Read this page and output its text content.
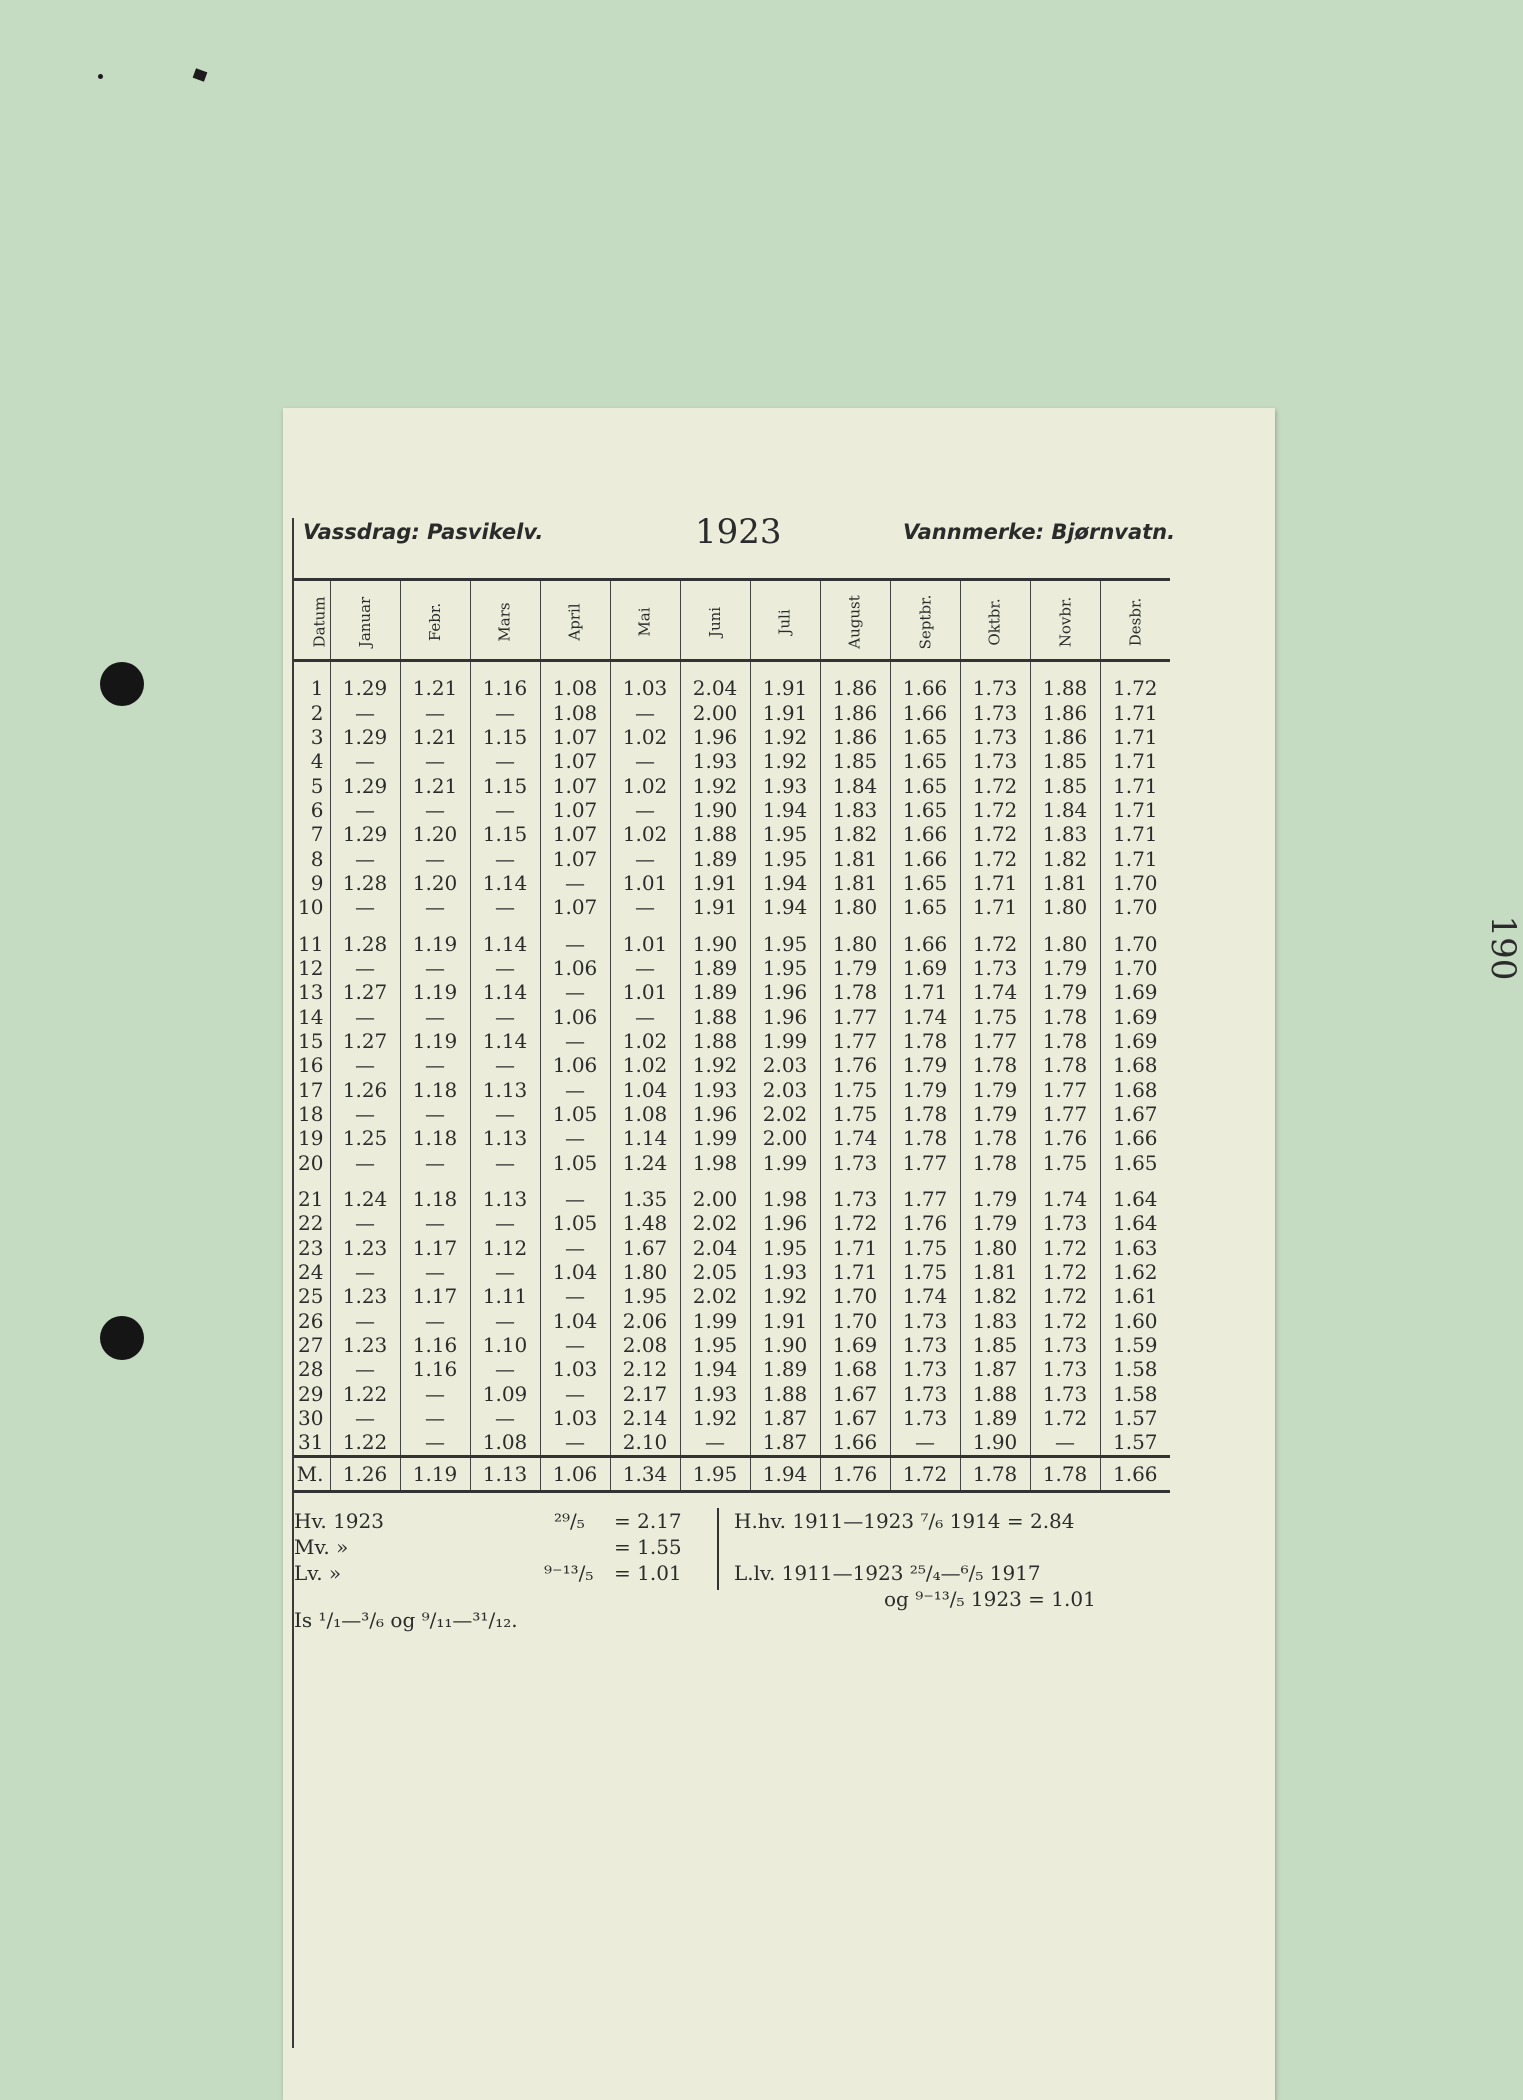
190
Vassdrag: Pasvikelv.	1923	Vannmerke: Bjørnvatn.
Datum	Januar	Febr.	Mars	April	Mai	Juni	Juli	August	Septbr.	Oktbr.	Novbr.	Desbr.
1	1.29	1.21	1.16	1.08	1.03	2.04	1.91	1.86	1.66	1.73	1.88	1.72
2	—	—	—	1.08	—	2.00	1.91	1.86	1.66	1.73	1.86	1.71
3	1.29	1.21	1.15	1.07	1.02	1.96	1.92	1.86	1.65	1.73	1.86	1.71
4	—	—	—	1.07	—	1.93	1.92	1.85	1.65	1.73	1.85	1.71
5	1.29	1.21	1.15	1.07	1.02	1.92	1.93	1.84	1.65	1.72	1.85	1.71
6	—	—	—	1.07	—	1.90	1.94	1.83	1.65	1.72	1.84	1.71
7	1.29	1.20	1.15	1.07	1.02	1.88	1.95	1.82	1.66	1.72	1.83	1.71
8	—	—	—	1.07	—	1.89	1.95	1.81	1.66	1.72	1.82	1.71
9	1.28	1.20	1.14	—	1.01	1.91	1.94	1.81	1.65	1.71	1.81	1.70
10	—	—	—	1.07	—	1.91	1.94	1.80	1.65	1.71	1.80	1.70
11	1.28	1.19	1.14	—	1.01	1.90	1.95	1.80	1.66	1.72	1.80	1.70
12	—	—	—	1.06	—	1.89	1.95	1.79	1.69	1.73	1.79	1.70
13	1.27	1.19	1.14	—	1.01	1.89	1.96	1.78	1.71	1.74	1.79	1.69
14	—	—	—	1.06	—	1.88	1.96	1.77	1.74	1.75	1.78	1.69
15	1.27	1.19	1.14	—	1.02	1.88	1.99	1.77	1.78	1.77	1.78	1.69
16	—	—	—	1.06	1.02	1.92	2.03	1.76	1.79	1.78	1.78	1.68
17	1.26	1.18	1.13	—	1.04	1.93	2.03	1.75	1.79	1.79	1.77	1.68
18	—	—	—	1.05	1.08	1.96	2.02	1.75	1.78	1.79	1.77	1.67
19	1.25	1.18	1.13	—	1.14	1.99	2.00	1.74	1.78	1.78	1.76	1.66
20	—	—	—	1.05	1.24	1.98	1.99	1.73	1.77	1.78	1.75	1.65
21	1.24	1.18	1.13	—	1.35	2.00	1.98	1.73	1.77	1.79	1.74	1.64
22	—	—	—	1.05	1.48	2.02	1.96	1.72	1.76	1.79	1.73	1.64
23	1.23	1.17	1.12	—	1.67	2.04	1.95	1.71	1.75	1.80	1.72	1.63
24	—	—	—	1.04	1.80	2.05	1.93	1.71	1.75	1.81	1.72	1.62
25	1.23	1.17	1.11	—	1.95	2.02	1.92	1.70	1.74	1.82	1.72	1.61
26	—	—	—	1.04	2.06	1.99	1.91	1.70	1.73	1.83	1.72	1.60
27	1.23	1.16	1.10	—	2.08	1.95	1.90	1.69	1.73	1.85	1.73	1.59
28	—	1.16	—	1.03	2.12	1.94	1.89	1.68	1.73	1.87	1.73	1.58
29	1.22	—	1.09	—	2.17	1.93	1.88	1.67	1.73	1.88	1.73	1.58
30	—	—	—	1.03	2.14	1.92	1.87	1.67	1.73	1.89	1.72	1.57
31	1.22	—	1.08	—	2.10	—	1.87	1.66	—	1.90	—	1.57
M.	1.26	1.19	1.13	1.06	1.34	1.95	1.94	1.76	1.72	1.78	1.78	1.66
Hv. 1923	²⁹/₅ = 2.17
Mv. »	= 1.55
Lv. »	⁹⁻¹³/₅ = 1.01
H.hv. 1911—1923 ⁷/₆ 1914 = 2.84
L.lv. 1911—1923 ²⁵/₄—⁶/₅ 1917
og ⁹⁻¹³/₅ 1923 = 1.01
Is ¹/₁—³/₆ og ⁹/₁₁—³¹/₁₂.
